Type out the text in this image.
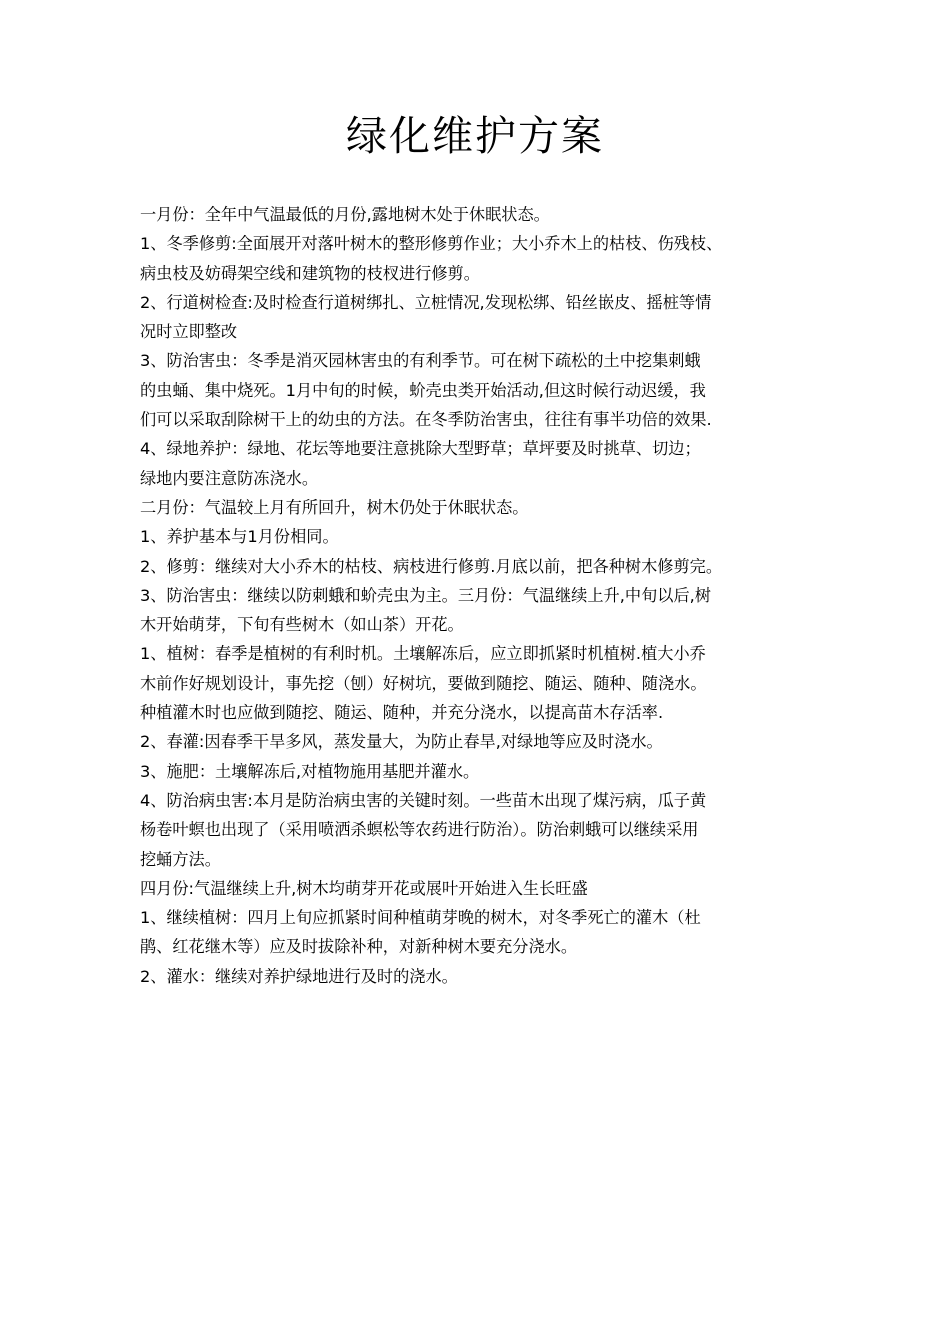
绿化维护方案
一月份：全年中气温最低的月份,露地树木处于休眠状态。
1、冬季修剪:全面展开对落叶树木的整形修剪作业；大小乔木上的枯枝、伤残枝、
病虫枝及妨碍架空线和建筑物的枝杈进行修剪。
2、行道树检查:及时检查行道树绑扎、立桩情况,发现松绑、铅丝嵌皮、摇桩等情
况时立即整改
3、防治害虫：冬季是消灭园林害虫的有利季节。可在树下疏松的土中挖集刺蛾
的虫蛹、集中烧死。1月中旬的时候，蚧壳虫类开始活动,但这时候行动迟缓，我
们可以采取刮除树干上的幼虫的方法。在冬季防治害虫，往往有事半功倍的效果.
4、绿地养护：绿地、花坛等地要注意挑除大型野草；草坪要及时挑草、切边；
绿地内要注意防冻浇水。
二月份：气温较上月有所回升，树木仍处于休眠状态。
1、养护基本与1月份相同。
2、修剪：继续对大小乔木的枯枝、病枝进行修剪.月底以前，把各种树木修剪完。
3、防治害虫：继续以防刺蛾和蚧壳虫为主。三月份：气温继续上升,中旬以后,树
木开始萌芽，下旬有些树木（如山茶）开花。
1、植树：春季是植树的有利时机。土壤解冻后，应立即抓紧时机植树.植大小乔
木前作好规划设计，事先挖（刨）好树坑，要做到随挖、随运、随种、随浇水。
种植灌木时也应做到随挖、随运、随种，并充分浇水，以提高苗木存活率.
2、春灌:因春季干旱多风，蒸发量大，为防止春旱,对绿地等应及时浇水。
3、施肥：土壤解冻后,对植物施用基肥并灌水。
4、防治病虫害:本月是防治病虫害的关键时刻。一些苗木出现了煤污病，瓜子黄
杨卷叶螟也出现了（采用喷洒杀螟松等农药进行防治）。防治刺蛾可以继续采用
挖蛹方法。
四月份:气温继续上升,树木均萌芽开花或展叶开始进入生长旺盛
1、继续植树：四月上旬应抓紧时间种植萌芽晚的树木，对冬季死亡的灌木（杜
鹃、红花继木等）应及时拔除补种，对新种树木要充分浇水。
2、灌水：继续对养护绿地进行及时的浇水。
